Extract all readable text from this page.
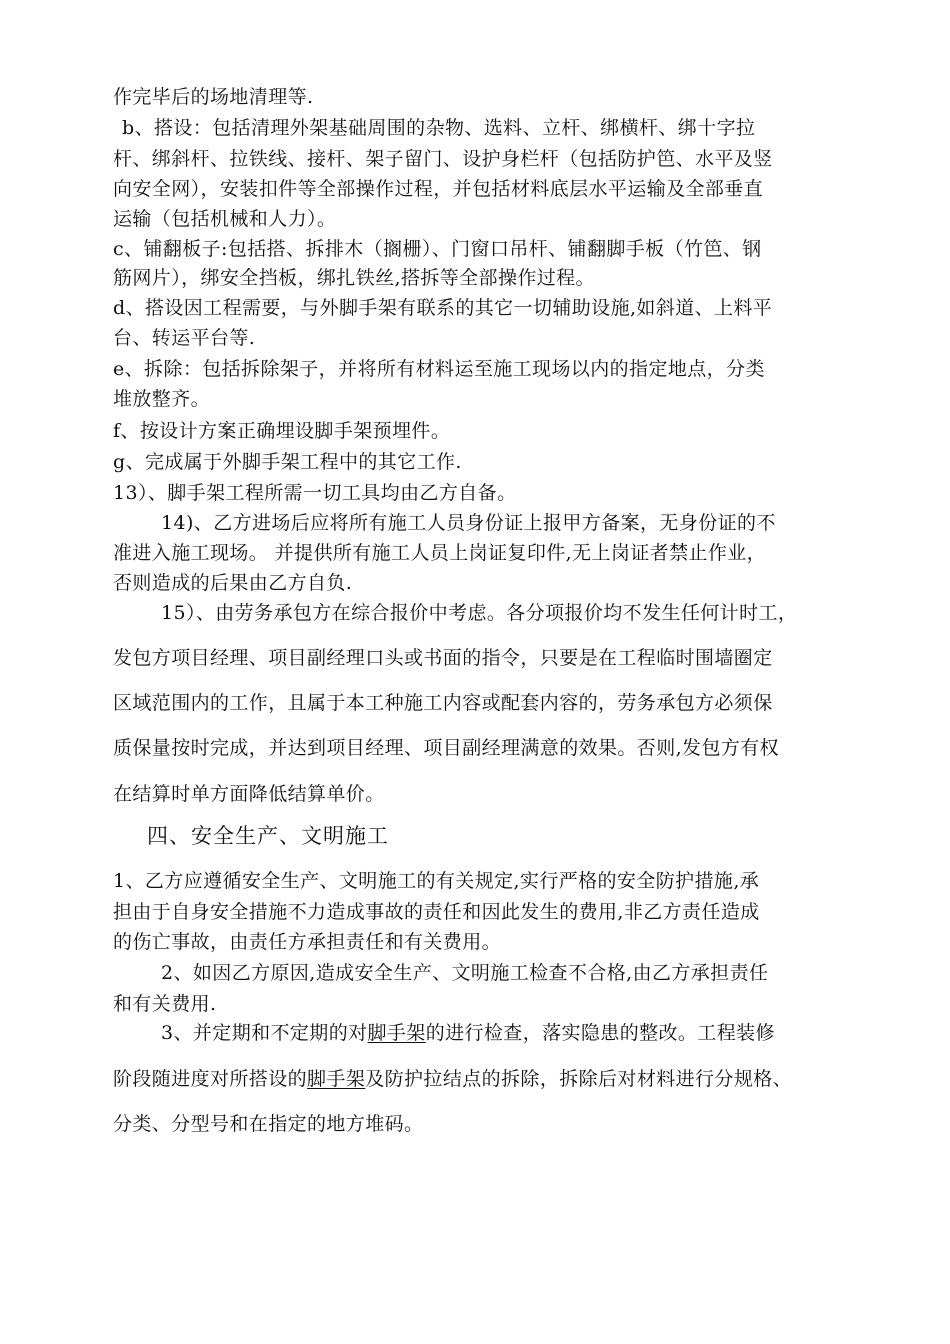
作完毕后的场地清理等.
b、搭设：包括清理外架基础周围的杂物、选料、立杆、绑横杆、绑十字拉
杆、绑斜杆、拉铁线、接杆、架子留门、设护身栏杆（包括防护笆、水平及竖
向安全网），安装扣件等全部操作过程，并包括材料底层水平运输及全部垂直
运输（包括机械和人力）。
c、铺翻板子:包括搭、拆排木（搁栅）、门窗口吊杆、铺翻脚手板（竹笆、钢
筋网片），绑安全挡板，绑扎铁丝,搭拆等全部操作过程。
d、搭设因工程需要，与外脚手架有联系的其它一切辅助设施,如斜道、上料平
台、转运平台等.
e、拆除：包括拆除架子，并将所有材料运至施工现场以内的指定地点，分类
堆放整齐。
f、按设计方案正确埋设脚手架预埋件。
g、完成属于外脚手架工程中的其它工作.
13）、脚手架工程所需一切工具均由乙方自备。
14)、乙方进场后应将所有施工人员身份证上报甲方备案，无身份证的不
准进入施工现场。 并提供所有施工人员上岗证复印件,无上岗证者禁止作业，
否则造成的后果由乙方自负.
15）、由劳务承包方在综合报价中考虑。各分项报价均不发生任何计时工，
发包方项目经理、项目副经理口头或书面的指令，只要是在工程临时围墙圈定
区域范围内的工作，且属于本工种施工内容或配套内容的，劳务承包方必须保
质保量按时完成，并达到项目经理、项目副经理满意的效果。否则,发包方有权
在结算时单方面降低结算单价。
四、安全生产、文明施工
1、乙方应遵循安全生产、文明施工的有关规定,实行严格的安全防护措施,承
担由于自身安全措施不力造成事故的责任和因此发生的费用,非乙方责任造成
的伤亡事故，由责任方承担责任和有关费用。
2、如因乙方原因,造成安全生产、文明施工检查不合格,由乙方承担责任
和有关费用.
3、并定期和不定期的对脚手架的进行检查，落实隐患的整改。工程装修
阶段随进度对所搭设的脚手架及防护拉结点的拆除，拆除后对材料进行分规格、
分类、分型号和在指定的地方堆码。
